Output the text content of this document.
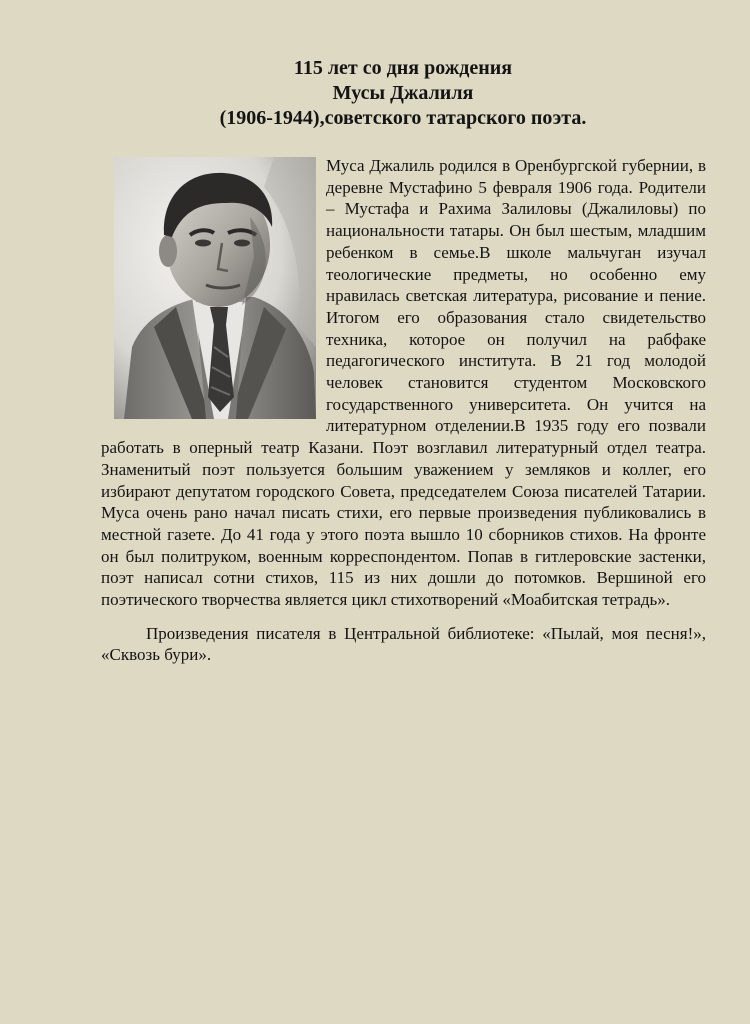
115 лет со дня рождения
Мусы Джалиля
(1906-1944),советского татарского поэта.

Муса Джалиль родился в Оренбургской губернии, в деревне Мустафино 5 февраля 1906 года. Родители – Мустафа и Рахима Залиловы (Джалиловы) по национальности татары. Он был шестым, младшим ребенком в семье.В школе мальчуган изучал теологические предметы, но особенно ему нравилась светская литература, рисование и пение. Итогом его образования стало свидетельство техника, которое он получил на рабфаке педагогического института. В 21 год молодой человек становится студентом Московского государственного университета. Он учится на литературном отделении.В 1935 году его позвали работать в оперный театр Казани. Поэт возглавил литературный отдел театра. Знаменитый поэт пользуется большим уважением у земляков и коллег, его избирают депутатом городского Совета, председателем Союза писателей Татарии. Муса очень рано начал писать стихи, его первые произведения публиковались в местной газете. До 41 года у этого поэта вышло 10 сборников стихов. На фронте он был политруком, военным корреспондентом. Попав в гитлеровские застенки, поэт написал сотни стихов, 115 из них дошли до потомков. Вершиной его поэтического творчества является цикл стихотворений «Моабитская тетрадь».

Произведения писателя в Центральной библиотеке: «Пылай, моя песня!», «Сквозь бури».
